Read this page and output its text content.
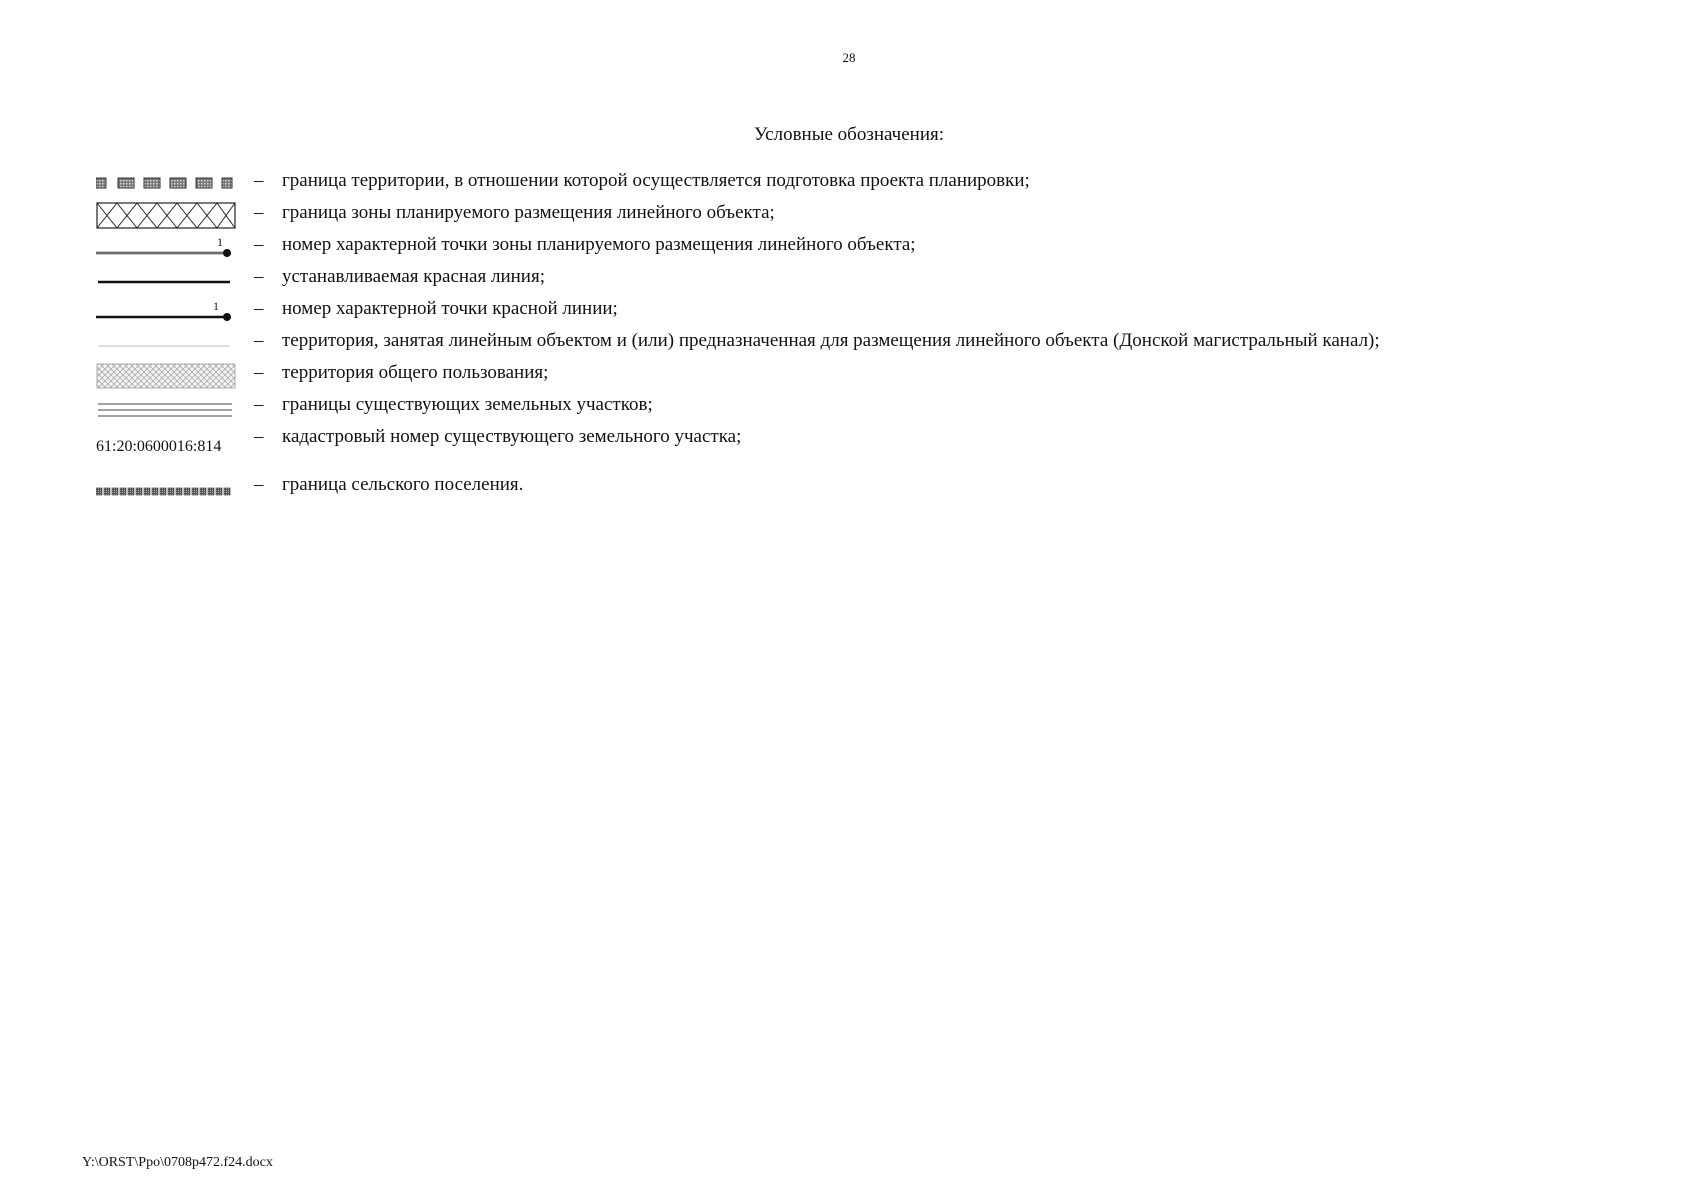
28
Условные обозначения:
– граница территории, в отношении которой осуществляется подготовка проекта планировки;
– граница зоны планируемого размещения линейного объекта;
1 – номер характерной точки зоны планируемого размещения линейного объекта;
– устанавливаемая красная линия;
1 – номер характерной точки красной линии;
– территория, занятая линейным объектом и (или) предназначенная для размещения линейного объекта (Донской магистральный канал);
– территория общего пользования;
– границы существующих земельных участков;
61:20:0600016:814 – кадастровый номер существующего земельного участка;
– граница сельского поселения.
Y:\ORST\Ppo\0708p472.f24.docx
